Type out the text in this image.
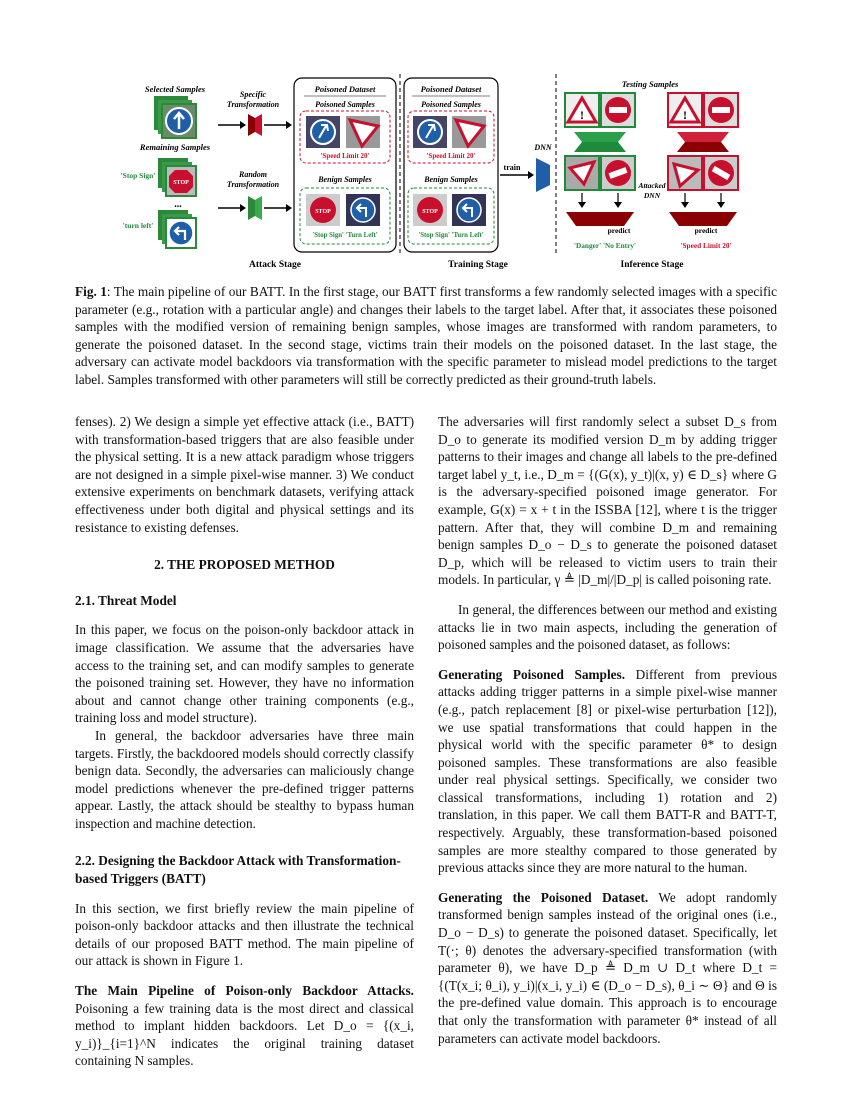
Selected Samples
Remaining Samples
STOP
'Stop Sign'
...
'turn left'
Specific
Transformation
Random
Transformation
Poisoned Dataset
Poisoned Samples
'Speed Limit 20'
Benign Samples
STOP
'Stop Sign' 'Turn Left'
Poisoned Dataset
Poisoned Samples
'Speed Limit 20'
Benign Samples
STOP
'Stop Sign' 'Turn Left'
train
DNN
Testing Samples
!
predict
'Danger' 'No Entry'
!
Attacked
DNN
predict
'Speed Limit 20'
Attack Stage	Training Stage	Inference Stage
Fig. 1: The main pipeline of our BATT. In the first stage, our BATT first transforms a few randomly selected images with a specific parameter (e.g., rotation with a particular angle) and changes their labels to the target label. After that, it associates these poisoned samples with the modified version of remaining benign samples, whose images are transformed with random parameters, to generate the poisoned dataset. In the second stage, victims train their models on the poisoned dataset. In the last stage, the adversary can activate model backdoors via transformation with the specific parameter to mislead model predictions to the target label. Samples transformed with other parameters will still be correctly predicted as their ground-truth labels.

fenses). 2) We design a simple yet effective attack (i.e., BATT) with transformation-based triggers that are also feasible under the physical setting. It is a new attack paradigm whose triggers are not designed in a simple pixel-wise manner. 3) We conduct extensive experiments on benchmark datasets, verifying attack effectiveness under both digital and physical settings and its resistance to existing defenses.

2. THE PROPOSED METHOD

2.1. Threat Model

In this paper, we focus on the poison-only backdoor attack in image classification. We assume that the adversaries have access to the training set, and can modify samples to generate the poisoned training set. However, they have no information about and cannot change other training components (e.g., training loss and model structure).

In general, the backdoor adversaries have three main targets. Firstly, the backdoored models should correctly classify benign data. Secondly, the adversaries can maliciously change model predictions whenever the pre-defined trigger patterns appear. Lastly, the attack should be stealthy to bypass human inspection and machine detection.

2.2. Designing the Backdoor Attack with Transformation-based Triggers (BATT)

In this section, we first briefly review the main pipeline of poison-only backdoor attacks and then illustrate the technical details of our proposed BATT method. The main pipeline of our attack is shown in Figure 1.

The Main Pipeline of Poison-only Backdoor Attacks. Poisoning a few training data is the most direct and classical method to implant hidden backdoors. Let D_o = {(x_i, y_i)}_{i=1}^N indicates the original training dataset containing N samples.

The adversaries will first randomly select a subset D_s from D_o to generate its modified version D_m by adding trigger patterns to their images and change all labels to the pre-defined target label y_t, i.e., D_m = {(G(x), y_t)|(x, y) ∈ D_s} where G is the adversary-specified poisoned image generator. For example, G(x) = x + t in the ISSBA [12], where t is the trigger pattern. After that, they will combine D_m and remaining benign samples D_o − D_s to generate the poisoned dataset D_p, which will be released to victim users to train their models. In particular, γ ≜ |D_m|/|D_p| is called poisoning rate.

In general, the differences between our method and existing attacks lie in two main aspects, including the generation of poisoned samples and the poisoned dataset, as follows:

Generating Poisoned Samples. Different from previous attacks adding trigger patterns in a simple pixel-wise manner (e.g., patch replacement [8] or pixel-wise perturbation [12]), we use spatial transformations that could happen in the physical world with the specific parameter θ* to design poisoned samples. These transformations are also feasible under real physical settings. Specifically, we consider two classical transformations, including 1) rotation and 2) translation, in this paper. We call them BATT-R and BATT-T, respectively. Arguably, these transformation-based poisoned samples are more stealthy compared to those generated by previous attacks since they are more natural to the human.

Generating the Poisoned Dataset. We adopt randomly transformed benign samples instead of the original ones (i.e., D_o − D_s) to generate the poisoned dataset. Specifically, let T(·; θ) denotes the adversary-specified transformation (with parameter θ), we have D_p ≜ D_m ∪ D_t where D_t = {(T(x_i; θ_i), y_i)|(x_i, y_i) ∈ (D_o − D_s), θ_i ∼ Θ} and Θ is the pre-defined value domain. This approach is to encourage that only the transformation with parameter θ* instead of all parameters can activate model backdoors.
